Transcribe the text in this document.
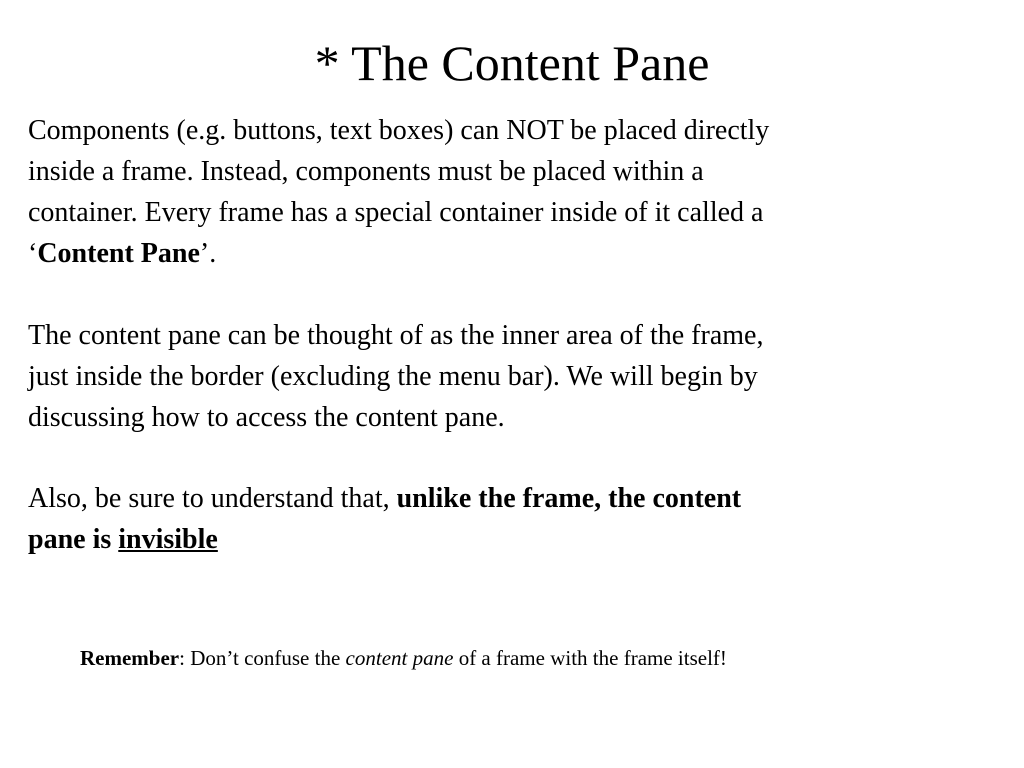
* The Content Pane
Components (e.g. buttons, text boxes) can NOT be placed directly
inside a frame. Instead, components must be placed within a
container. Every frame has a special container inside of it called a
‘Content Pane’.
The content pane can be thought of as the inner area of the frame,
just inside the border (excluding the menu bar). We will begin by
discussing how to access the content pane.
Also, be sure to understand that, unlike the frame, the content
pane is invisible

Remember: Don’t confuse the content pane of a frame with the frame itself!
